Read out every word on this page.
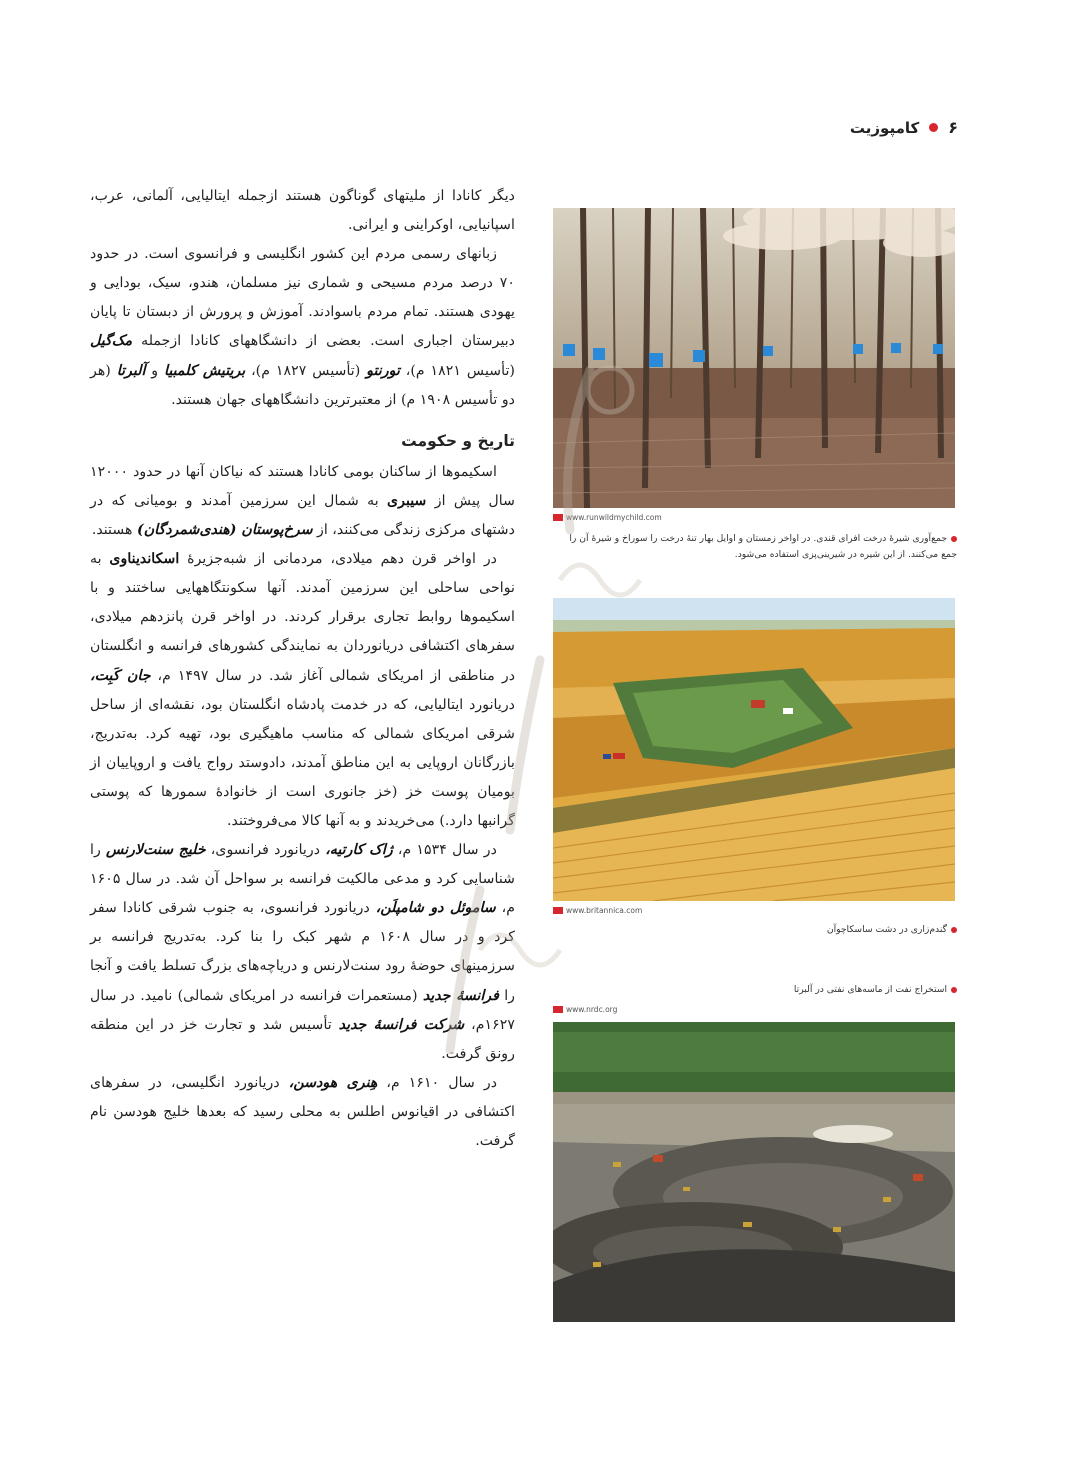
۶
کامپوزیت

دیگر کانادا از ملیتهای گوناگون هستند ازجمله ایتالیایی، آلمانی، عرب، اسپانیایی، اوکراینی و ایرانی.

زبانهای رسمی مردم این کشور انگلیسی و فرانسوی است. در حدود ۷۰ درصد مردم مسیحی و شماری نیز مسلمان، هندو، سیک، بودایی و یهودی هستند. تمام مردم باسوادند. آموزش و پرورش از دبستان تا پایان دبیرستان اجباری است. بعضی از دانشگاههای کانادا ازجمله مک‌گیل (تأسیس ۱۸۲۱ م)، تورنتو (تأسیس ۱۸۲۷ م)، بریتیش کلمبیا و آلبرتا (هر دو تأسیس ۱۹۰۸ م) از معتبرترین دانشگاههای جهان هستند.

تاریخ و حکومت

اسکیموها از ساکنان بومی کانادا هستند که نیاکان آنها در حدود ۱۲۰۰۰ سال پیش از سیبری به شمال این سرزمین آمدند و بومیانی که در دشتهای مرکزی زندگی می‌کنند، از سرخ‌پوستان (هندی‌شمردگان) هستند.

در اواخر قرن دهم میلادی، مردمانی از شبه‌جزیرهٔ اسکاندیناوی به نواحی ساحلی این سرزمین آمدند. آنها سکونتگاههایی ساختند و با اسکیموها روابط تجاری برقرار کردند. در اواخر قرن پانزدهم میلادی، سفرهای اکتشافی دریانوردان به نمایندگی کشورهای فرانسه و انگلستان در مناطقی از امریکای شمالی آغاز شد. در سال ۱۴۹۷ م، جان کَبِت، دریانورد ایتالیایی، که در خدمت پادشاه انگلستان بود، نقشه‌ای از ساحل شرقی امریکای شمالی که مناسب ماهیگیری بود، تهیه کرد. به‌تدریج، بازرگانان اروپایی به این مناطق آمدند، دادوستد رواج یافت و اروپاییان از بومیان پوست خز (خز جانوری است از خانوادهٔ سمورها که پوستی گرانبها دارد.) می‌خریدند و به آنها کالا می‌فروختند.

در سال ۱۵۳۴ م، ژاک کارتیه، دریانورد فرانسوی، خلیج سنت‌لارنس را شناسایی کرد و مدعی مالکیت فرانسه بر سواحل آن شد. در سال ۱۶۰۵ م، ساموئل دو شامپلَن، دریانورد فرانسوی، به جنوب شرقی کانادا سفر کرد و در سال ۱۶۰۸ م شهر کبک را بنا کرد. به‌تدریج فرانسه بر سرزمینهای حوضهٔ رود سنت‌لارنس و دریاچه‌های بزرگ تسلط یافت و آنجا را فرانسهٔ جدید (مستعمرات فرانسه در امریکای شمالی) نامید. در سال ۱۶۲۷م، شرکت فرانسهٔ جدید تأسیس شد و تجارت خز در این منطقه رونق گرفت.

در سال ۱۶۱۰ م، هِنری هودسن، دریانورد انگلیسی، در سفرهای اکتشافی در اقیانوس اطلس به محلی رسید که بعدها خلیج هودسن نام گرفت.

www.runwildmychild.com
جمع‌آوری شیرهٔ درخت افرای قندی. در اواخر زمستان و اوایل بهار تنهٔ درخت را سوراخ و شیرهٔ آن را جمع می‌کنند. از این شیره در شیرینی‌پزی استفاده می‌شود.
www.britannica.com
گندم‌زاری در دشت ساسکاچوآن
استخراج نفت از ماسه‌های نفتی در آلبرتا
www.nrdc.org
